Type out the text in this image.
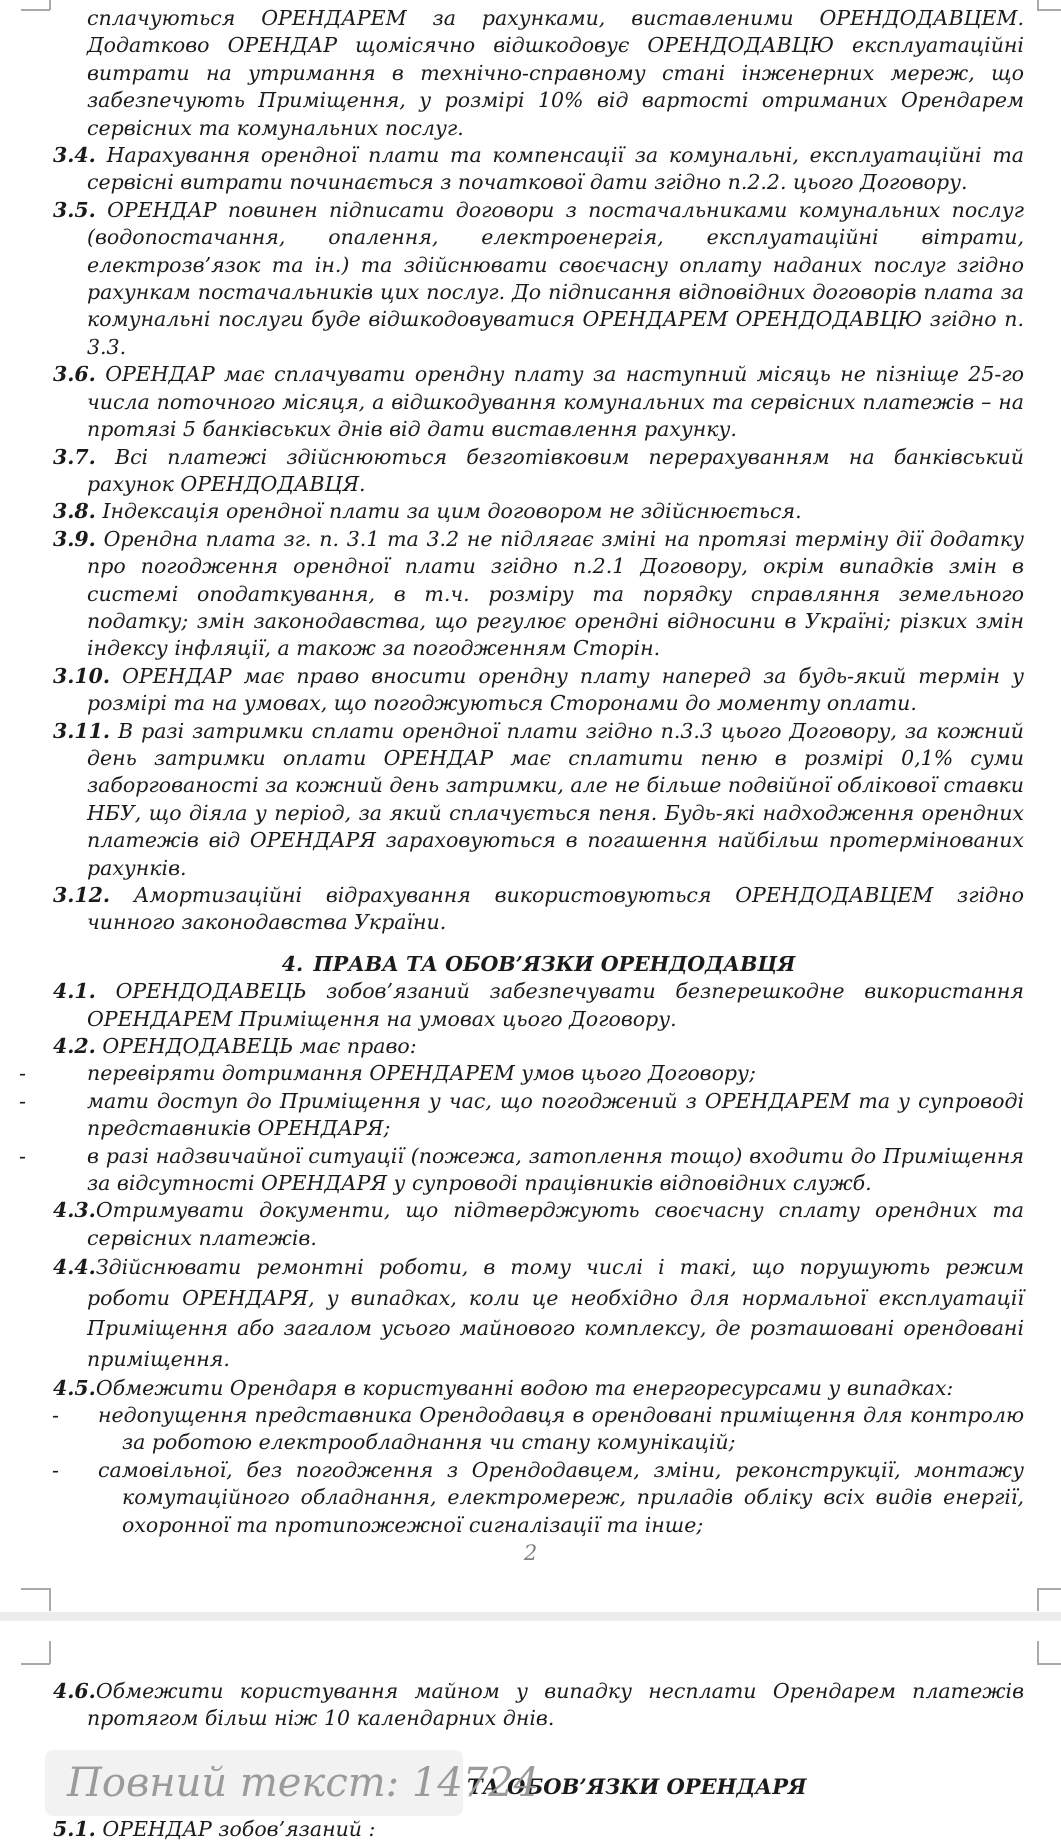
сплачуються ОРЕНДАРЕМ за рахунками, виставленими ОРЕНДОДАВЦЕМ. Додатково ОРЕНДАР щомісячно відшкодовує ОРЕНДОДАВЦЮ експлуатаційні витрати на утримання в технічно-справному стані інженерних мереж, що забезпечують Приміщення, у розмірі 10% від вартості отриманих Орендарем сервісних та комунальних послуг.
3.4. Нарахування орендної плати та компенсації за комунальні, експлуатаційні та сервісні витрати починається з початкової дати згідно п.2.2. цього Договору.
3.5. ОРЕНДАР повинен підписати договори з постачальниками комунальних послуг (водопостачання, опалення, електроенергія, експлуатаційні вітрати, електрозв’язок та ін.) та здійснювати своєчасну оплату наданих послуг згідно рахункам постачальників цих послуг. До підписання відповідних договорів плата за комунальні послуги буде відшкодовуватися ОРЕНДАРЕМ ОРЕНДОДАВЦЮ згідно п. 3.3.
3.6. ОРЕНДАР має сплачувати орендну плату за наступний місяць не пізніще 25-го числа поточного місяця, а відшкодування комунальних та сервісних платежів – на протязі 5 банківських днів від дати виставлення рахунку.
3.7. Всі платежі здійснюються безготівковим перерахуванням на банківський рахунок ОРЕНДОДАВЦЯ.
3.8. Індексація орендної плати за цим договором не здійснюється.
3.9. Орендна плата зг. п. 3.1 та 3.2 не підлягає зміні на протязі терміну дії додатку про погодження орендної плати згідно п.2.1 Договору, окрім випадків змін в системі оподаткування, в т.ч. розміру та порядку справляння земельного податку; змін законодавства, що регулює орендні відносини в Україні; різких змін індексу інфляції, а також за погодженням Сторін.
3.10. ОРЕНДАР має право вносити орендну плату наперед за будь-який термін у розмірі та на умовах, що погоджуються Сторонами до моменту оплати.
3.11. В разі затримки сплати орендної плати згідно п.3.3 цього Договору, за кожний день затримки оплати ОРЕНДАР має сплатити пеню в розмірі 0,1% суми заборгованості за кожний день затримки, але не більше подвійної облікової ставки НБУ, що діяла у період, за який сплачується пеня. Будь-які надходження орендних платежів від ОРЕНДАРЯ зараховуються в погашення найбільш протермінованих рахунків.
3.12. Амортизаційні відрахування використовуються ОРЕНДОДАВЦЕМ згідно чинного законодавства України.
4. ПРАВА ТА ОБОВ’ЯЗКИ ОРЕНДОДАВЦЯ
4.1. ОРЕНДОДАВЕЦЬ зобов’язаний забезпечувати безперешкодне використання ОРЕНДАРЕМ Приміщення на умовах цього Договору.
4.2. ОРЕНДОДАВЕЦЬ має право:
-	перевіряти дотримання ОРЕНДАРЕМ умов цього Договору;
-	мати доступ до Приміщення у час, що погоджений з ОРЕНДАРЕМ та у супроводі представників ОРЕНДАРЯ;
-	в разі надзвичайної ситуації (пожежа, затоплення тощо) входити до Приміщення за відсутності ОРЕНДАРЯ у супроводі працівників відповідних служб.
4.3.Отримувати документи, що підтверджують своєчасну сплату орендних та сервісних платежів.
4.4.Здійснювати ремонтні роботи, в тому числі і такі, що порушують режим роботи ОРЕНДАРЯ, у випадках, коли це необхідно для нормальної експлуатації Приміщення або загалом усього майнового комплексу, де розташовані орендовані приміщення.
4.5.Обмежити Орендаря в користуванні водою та енергоресурсами у випадках:
- недопущення представника Орендодавця в орендовані приміщення для контролю за роботою електрообладнання чи стану комунікацій;
- самовільної, без погодження з Орендодавцем, зміни, реконструкції, монтажу комутаційного обладнання, електромереж, приладів обліку всіх видів енергії, охоронної та протипожежної сигналізації та інше;
2
4.6.Обмежити користування майном у випадку несплати Орендарем платежів протягом більш ніж 10 календарних днів.
ТА ОБОВ’ЯЗКИ ОРЕНДАРЯ
5.1. ОРЕНДАР зобов’язаний :
Повний текст: 14724
